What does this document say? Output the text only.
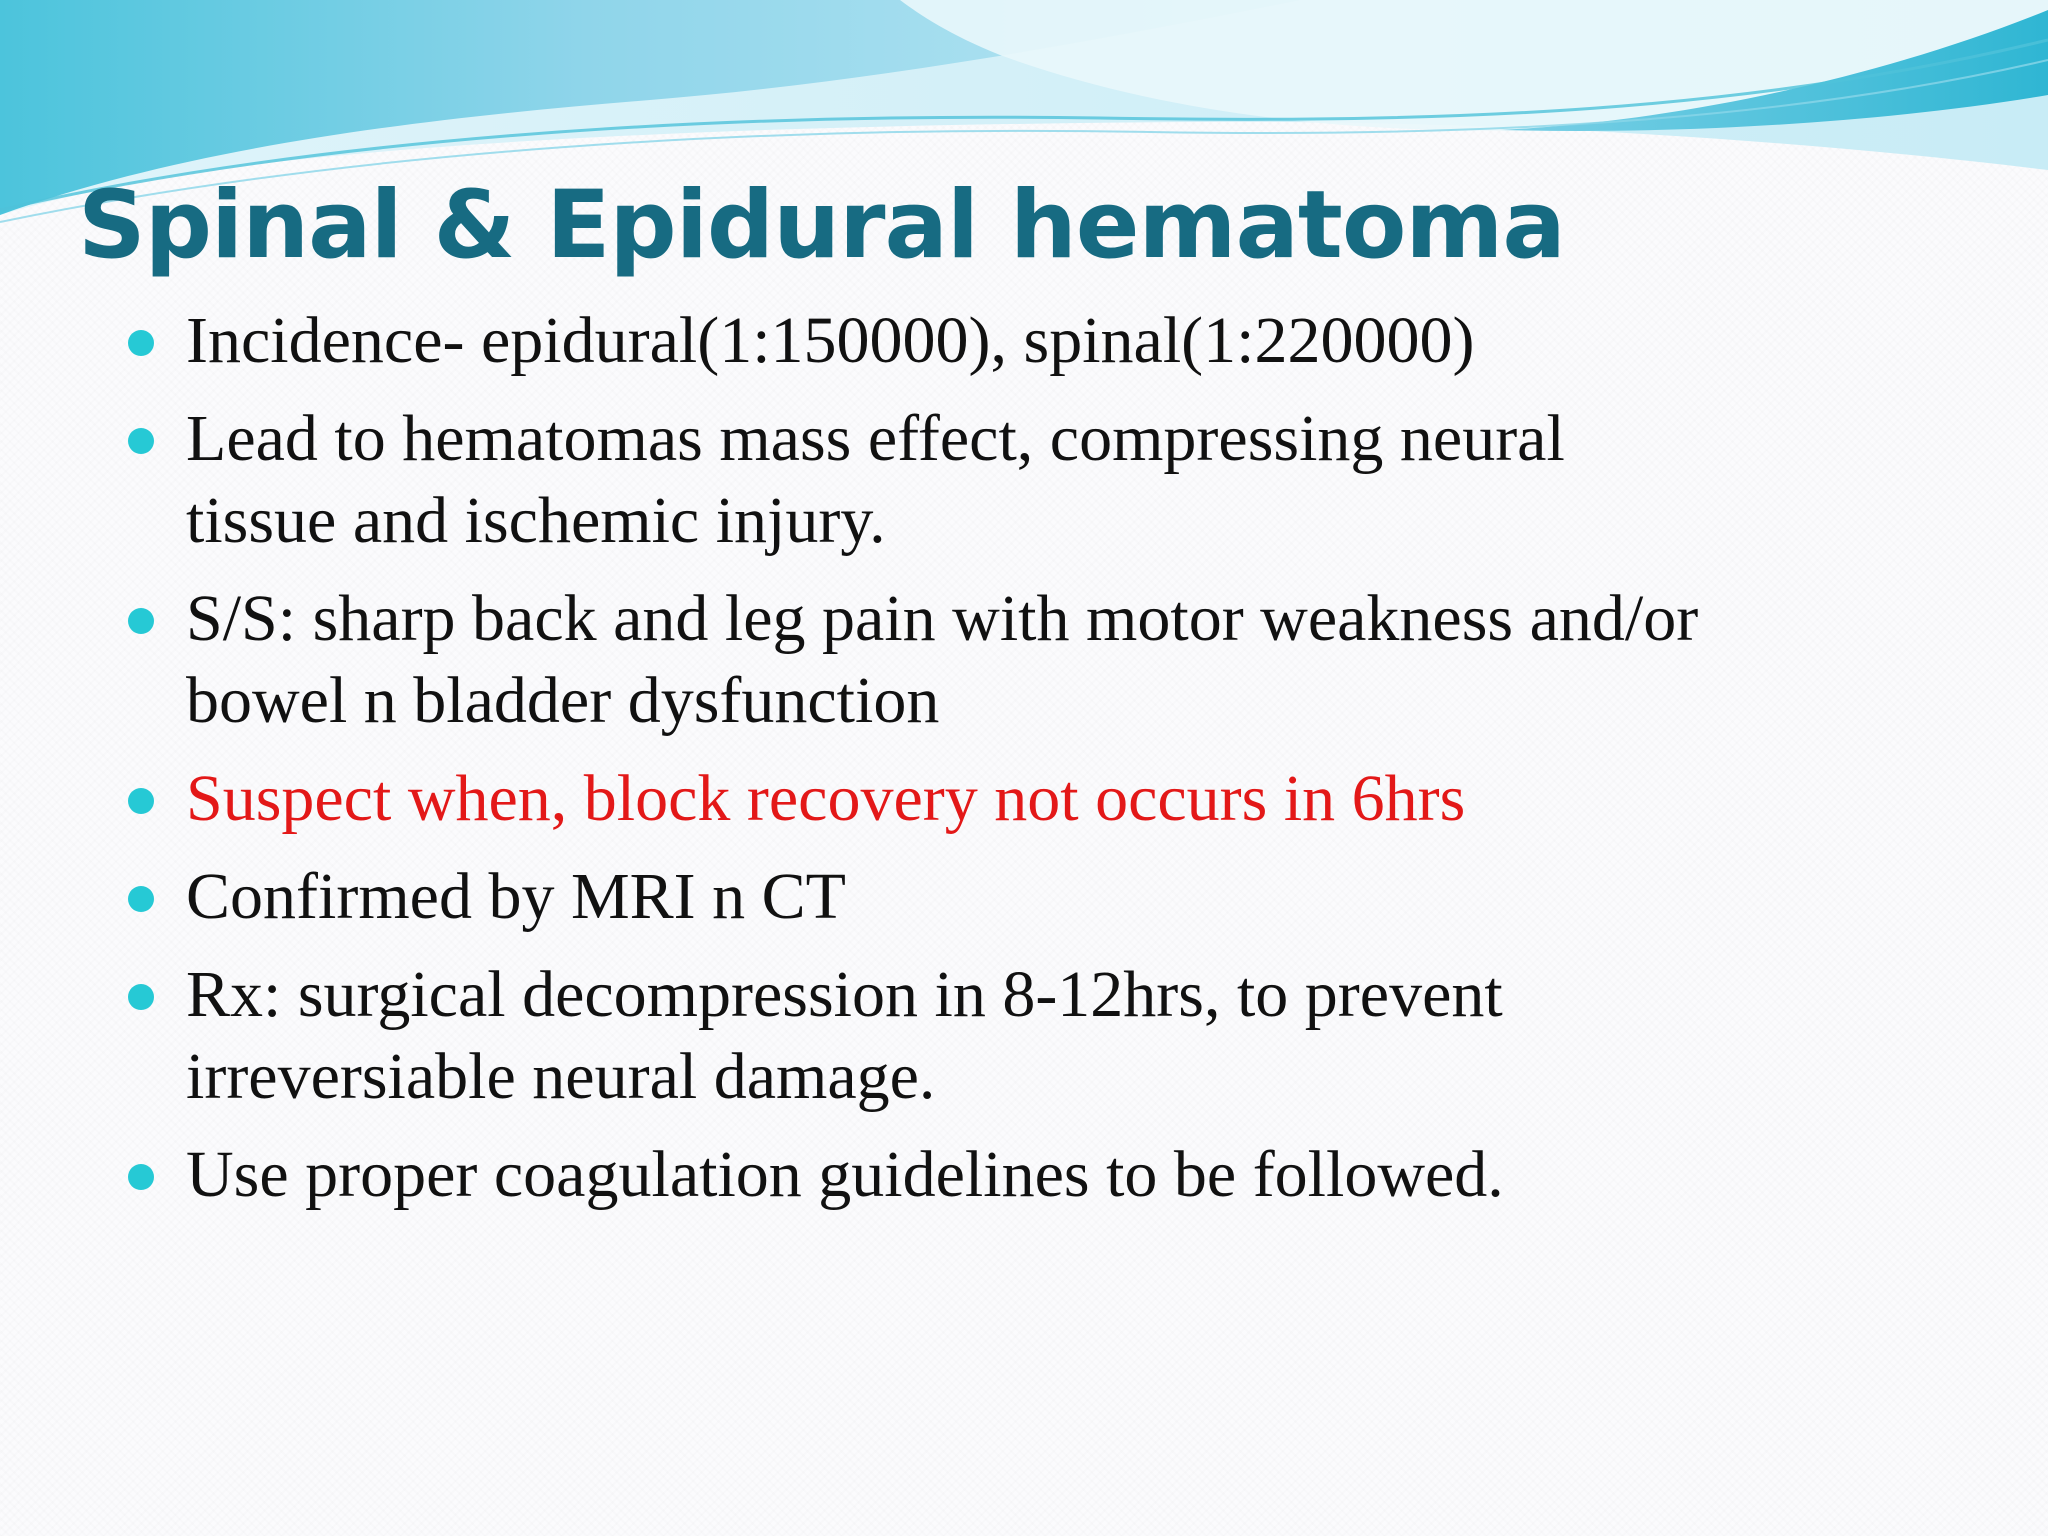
Spinal & Epidural hematoma
Incidence- epidural(1:150000), spinal(1:220000)
Lead to hematomas mass effect, compressing neural
tissue and ischemic injury.
S/S: sharp back and leg pain with motor weakness and/or
bowel n bladder dysfunction
Suspect when, block recovery not occurs in 6hrs
Confirmed by MRI n CT
Rx: surgical decompression in 8-12hrs, to prevent
irreversiable neural damage.
Use proper coagulation guidelines to be followed.
